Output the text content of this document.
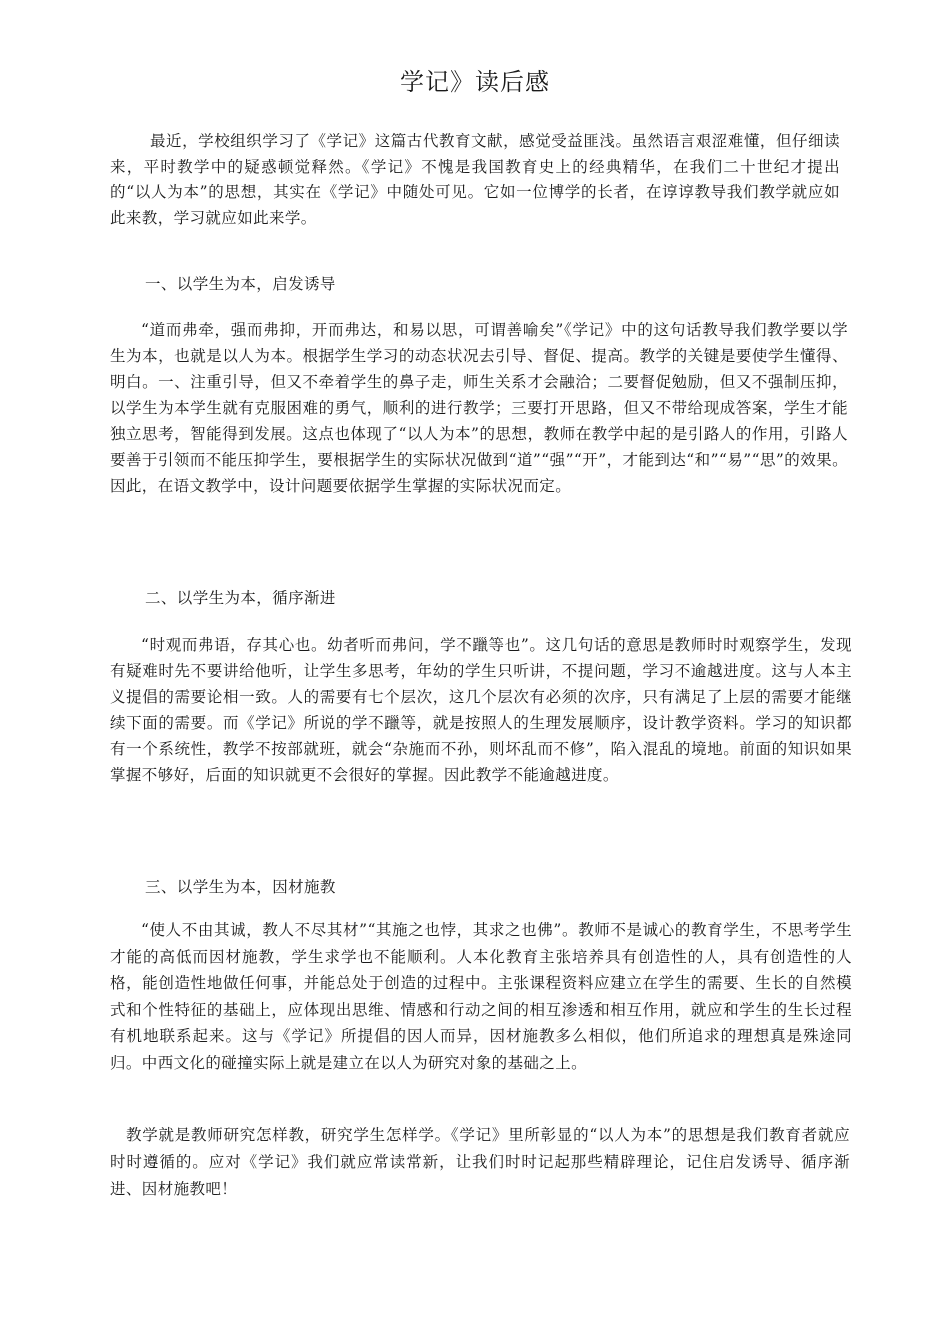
学记》读后感

最近，学校组织学习了《学记》这篇古代教育文献，感觉受益匪浅。虽然语言艰涩难懂，但仔细读来，平时教学中的疑惑顿觉释然。《学记》不愧是我国教育史上的经典精华，在我们二十世纪才提出的“以人为本”的思想，其实在《学记》中随处可见。它如一位博学的长者，在谆谆教导我们教学就应如此来教，学习就应如此来学。

一、以学生为本，启发诱导

“道而弗牵，强而弗抑，开而弗达，和易以思，可谓善喻矣”《学记》中的这句话教导我们教学要以学生为本，也就是以人为本。根据学生学习的动态状况去引导、督促、提高。教学的关键是要使学生懂得、明白。一、注重引导，但又不牵着学生的鼻子走，师生关系才会融洽；二要督促勉励，但又不强制压抑，以学生为本学生就有克服困难的勇气，顺利的进行教学；三要打开思路，但又不带给现成答案，学生才能独立思考，智能得到发展。这点也体现了“以人为本”的思想，教师在教学中起的是引路人的作用，引路人要善于引领而不能压抑学生，要根据学生的实际状况做到“道”“强”“开”，才能到达“和”“易”“思”的效果。因此，在语文教学中，设计问题要依据学生掌握的实际状况而定。

二、以学生为本，循序渐进

“时观而弗语，存其心也。幼者听而弗问，学不躐等也”。这几句话的意思是教师时时观察学生，发现有疑难时先不要讲给他听，让学生多思考，年幼的学生只听讲，不提问题，学习不逾越进度。这与人本主义提倡的需要论相一致。人的需要有七个层次，这几个层次有必须的次序，只有满足了上层的需要才能继续下面的需要。而《学记》所说的学不躐等，就是按照人的生理发展顺序，设计教学资料。学习的知识都有一个系统性，教学不按部就班，就会“杂施而不孙，则坏乱而不修”，陷入混乱的境地。前面的知识如果掌握不够好，后面的知识就更不会很好的掌握。因此教学不能逾越进度。

三、以学生为本，因材施教

“使人不由其诚，教人不尽其材”“其施之也悖，其求之也佛”。教师不是诚心的教育学生，不思考学生才能的高低而因材施教，学生求学也不能顺利。人本化教育主张培养具有创造性的人，具有创造性的人格，能创造性地做任何事，并能总处于创造的过程中。主张课程资料应建立在学生的需要、生长的自然模式和个性特征的基础上，应体现出思维、情感和行动之间的相互渗透和相互作用，就应和学生的生长过程有机地联系起来。这与《学记》所提倡的因人而异，因材施教多么相似，他们所追求的理想真是殊途同归。中西文化的碰撞实际上就是建立在以人为研究对象的基础之上。

教学就是教师研究怎样教，研究学生怎样学。《学记》里所彰显的“以人为本”的思想是我们教育者就应时时遵循的。应对《学记》我们就应常读常新，让我们时时记起那些精辟理论，记住启发诱导、循序渐进、因材施教吧！
